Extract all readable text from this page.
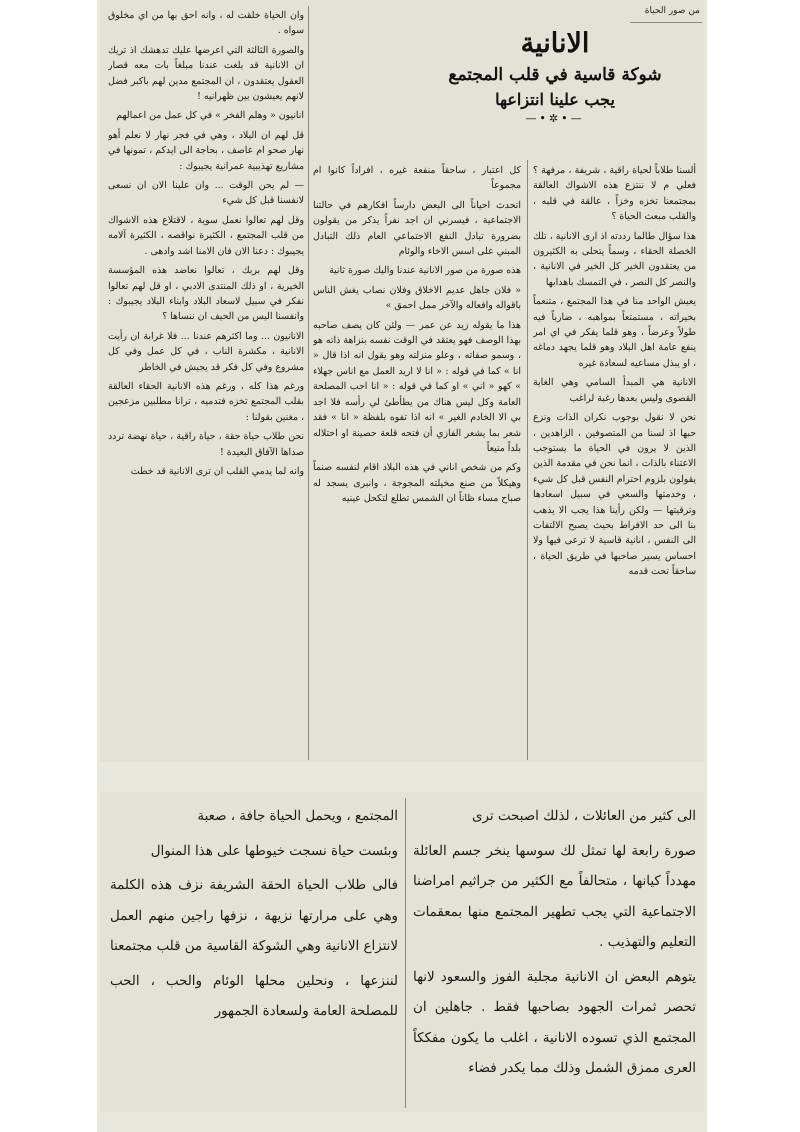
من صور الحياة
الانانية
شوكة قاسية في قلب المجتمع
يجب علينا انتزاعها
—•✲•—

ألسنا طلاباً لحياة راقية ، شريفة ، مرفهة ؟ فعلي م لا ننتزع هذه الاشواك العالقة بمجتمعنا تخزه وخزاً ، عالقة في قلبه ، والقلب مبعث الحياة ؟

هذا سؤال طالما رددته اذ ارى الانانية ، تلك الخصلة الحقاء ، وسماً يتحلى به الكثيرون من يعتقدون الخير كل الخير في الانانية ، والنصر كل النصر ، في التمسك باهدابها

يعيش الواحد منا في هذا المجتمع ، متنعماً بخيراته ، مستمتعاً بمواهبه ، ضارباً فيه طولاً وعرضاً ، وهو قلما يفكر في اي امر ينفع عامة اهل البلاد وهو قلما يجهد دماغه ، او يبذل مساعيه لسعادة غيره

الانانية هي المبدأ السامي وهي الغاية القصوى وليس بعدها رغبة لراغب

نحن لا نقول بوجوب نكران الذات ونزع حبها اذ لسنا من المتصوفين ، الزاهدين ، الذين لا يرون في الحياة ما يستوجب الاعتناء بالذات ، انما نحن في مقدمة الذين يقولون بلزوم احترام النفس قبل كل شيء ، وخدمتها والسعي في سبيل اسعادها وترقيتها — ولكن رأينا هذا يجب الا يذهب بنا الى حد الافراط بحيث يصبح الالتفات الى النفس ، انانية قاسية لا ترعى فيها ولا احساس يسير صاحبها في طريق الحياة ، ساحقاً تحت قدمه

كل اعتبار ، ساحقاً منفعة غيره ، افراداً كانوا ام مجموعاً

اتحدث احياناً الى البعض دارساً افكارهم في حالتنا الاجتماعية ، فيسرني ان اجد نفراً يذكر من يقولون بضرورة تبادل النفع الاجتماعي العام ذلك التبادل المبني على اسس الاخاء والوئام

هذه صورة من صور الانانية عندنا واليك صورة ثانية

« فلان جاهل عديم الاخلاق وفلان نصاب يغش الناس باقواله وافعاله والآخر ممل احمق »

هذا ما يقوله زيد عن عمر — ولئن كان يصف صاحبه بهذا الوصف فهو يعتقد في الوقت نفسه بنزاهة ذاته هو ، وسمو صفاته ، وعلو منزلته وهو يقول انه اذا قال « انا » كما في قوله : « انا لا اريد العمل مع اناس جهلاء » كهو « اني » او كما في قوله : « انا احب المصلحة العامة وكل ليس هناك من يطأطئ لي رأسه فلا اجد بي الا الخادم الغير » انه اذا تفوه بلفظة « انا » فقد شعر بما يشعر الفازي أن فتحه قلعة حصينة او احتلاله بلداً منيعاً

وكم من شخص اناني في هذه البلاد اقام لنفسه صنماً وهيكلاً من صنع مخيلته المجوجة ، وانبرى يسجد له صباح مساء ظاناً ان الشمس تطلع لتكحل عينيه

وان الحياة خلقت له ، وانه احق بها من اي مخلوق سواه .

والصورة الثالثة التي اعرضها عليك تدهشك اذ تريك ان الانانية قد بلغت عندنا مبلغاً بات معه قصار العقول يعتقدون ، ان المجتمع مدين لهم باكبر فضل لانهم يعيشون بين ظهرانيه !

انانيون « وهلم الفخر » في كل عمل من اعمالهم

قل لهم ان البلاد ، وهي في فجر نهار لا نعلم أهو نهار صحو ام عاصف ، بحاجة الى ايدكم ، تمونها في مشاريع تهذيبية عمرانية يجيبوك :

— لم يحن الوقت ... وان علينا الان ان نسعى لانفسنا قبل كل شيء

وقل لهم تعالوا نعمل سوية ، لاقتلاع هذه الاشواك من قلب المجتمع ، الكثيرة نواقصه ، الكثيرة آلامه يجيبوك : دعنا الان فان الامنا اشد وادهى .

وقل لهم بربك ، تعالوا نعاضد هذه المؤسسة الخيرية ، او ذلك المنتدى الادبي ، او قل لهم تعالوا نفكر في سبيل لاسعاد البلاد وابناء البلاد يجيبوك : وانفسنا اليس من الحيف ان ننساها ؟

الانانيون ... وما اكثرهم عندنا ... فلا غرابة ان رأيت الانانية ، مكشرة الناب ، في كل عمل وفي كل مشروع وفي كل فكر قد يجيش في الخاطر

ورغم هذا كله ، ورغم هذه الانانية الحقاء العالقة بقلب المجتمع تخزه فتدميه ، ترانا مطلبين مزعجين ، مغنين بقولنا :

نحن طلاب حياة حقة ، حياة راقية ، حياة نهضة تردد صداها الآفاق البعيدة !

وانه لما يدمي القلب ان ترى الانانية قد خطت

الى كثير من العائلات ، لذلك اصبحت ترى

صورة رابعة لها تمثل لك سوسها ينخر جسم العائلة مهدداً كيانها ، متحالفاً مع الكثير من جراثيم امراضنا الاجتماعية التي يجب تطهير المجتمع منها بمعقمات التعليم والتهذيب .

يتوهم البعض ان الانانية مجلبة الفوز والسعود لانها تحصر ثمرات الجهود بصاحبها فقط . جاهلين ان المجتمع الذي تسوده الانانية ، اغلب ما يكون مفككاً العرى ممزق الشمل وذلك مما يكدر فضاء

المجتمع ، ويحمل الحياة جافة ، صعبة

وبئست حياة نسجت خيوطها على هذا المنوال

فالى طلاب الحياة الحقة الشريفة نزف هذه الكلمة وهي على مرارتها نزيهة ، نزفها راجين منهم العمل لانتزاع الانانية وهي الشوكة القاسية من قلب مجتمعنا

لننزعها ، ونحلين محلها الوئام والحب ، الحب للمصلحة العامة ولسعادة الجمهور
